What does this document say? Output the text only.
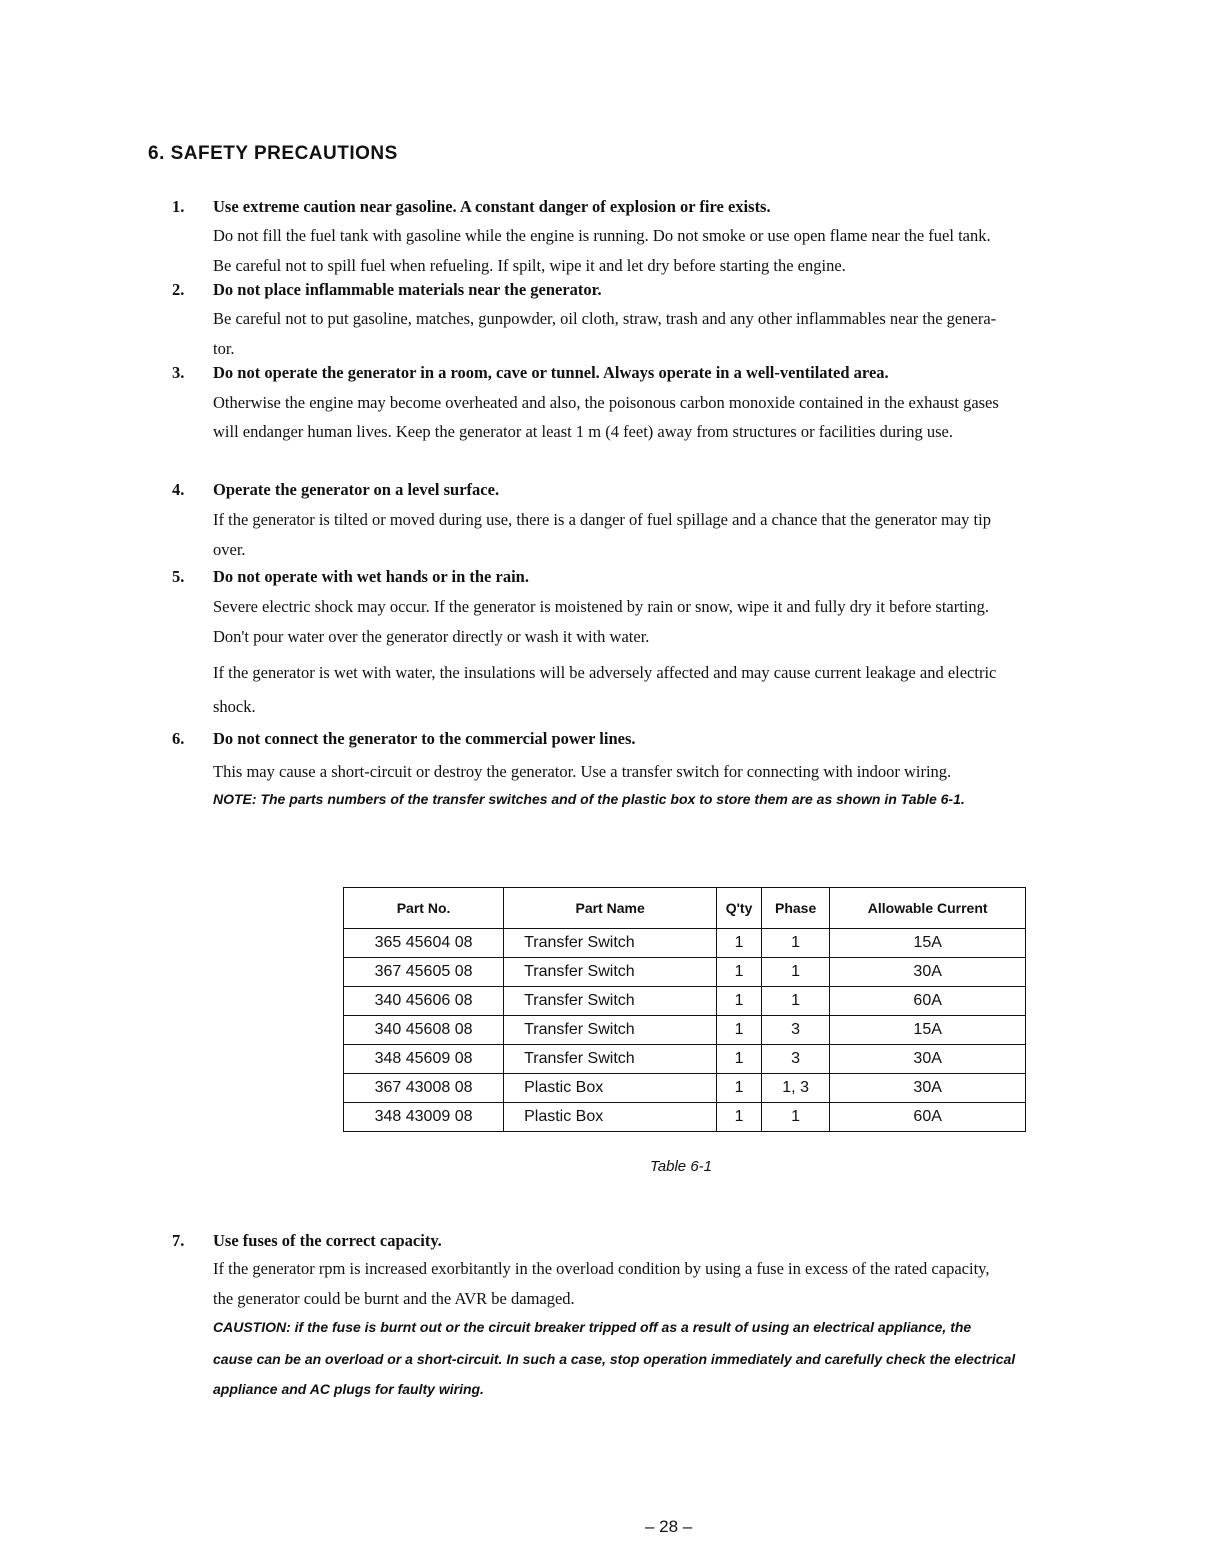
6. SAFETY PRECAUTIONS
1. Use extreme caution near gasoline. A constant danger of explosion or fire exists.
Do not fill the fuel tank with gasoline while the engine is running. Do not smoke or use open flame near the fuel tank.
Be careful not to spill fuel when refueling. If spilt, wipe it and let dry before starting the engine.
2. Do not place inflammable materials near the generator.
Be careful not to put gasoline, matches, gunpowder, oil cloth, straw, trash and any other inflammables near the genera-
tor.
3. Do not operate the generator in a room, cave or tunnel. Always operate in a well-ventilated area.
Otherwise the engine may become overheated and also, the poisonous carbon monoxide contained in the exhaust gases
will endanger human lives. Keep the generator at least 1 m (4 feet) away from structures or facilities during use.
4. Operate the generator on a level surface.
If the generator is tilted or moved during use, there is a danger of fuel spillage and a chance that the generator may tip
over.
5. Do not operate with wet hands or in the rain.
Severe electric shock may occur. If the generator is moistened by rain or snow, wipe it and fully dry it before starting.
Don't pour water over the generator directly or wash it with water.
If the generator is wet with water, the insulations will be adversely affected and may cause current leakage and electric
shock.
6. Do not connect the generator to the commercial power lines.
This may cause a short-circuit or destroy the generator. Use a transfer switch for connecting with indoor wiring.
NOTE: The parts numbers of the transfer switches and of the plastic box to store them are as shown in Table 6-1.
7. Use fuses of the correct capacity.
If the generator rpm is increased exorbitantly in the overload condition by using a fuse in excess of the rated capacity,
the generator could be burnt and the AVR be damaged.
CAUSTION: if the fuse is burnt out or the circuit breaker tripped off as a result of using an electrical appliance, the
cause can be an overload or a short-circuit. In such a case, stop operation immediately and carefully check the electrical
appliance and AC plugs for faulty wiring.
Part No.	Part Name	Q'ty	Phase	Allowable Current
365 45604 08	Transfer Switch	1	1	15A
367 45605 08	Transfer Switch	1	1	30A
340 45606 08	Transfer Switch	1	1	60A
340 45608 08	Transfer Switch	1	3	15A
348 45609 08	Transfer Switch	1	3	30A
367 43008 08	Plastic Box	1	1, 3	30A
348 43009 08	Plastic Box	1	1	60A
Table 6-1
– 28 –
